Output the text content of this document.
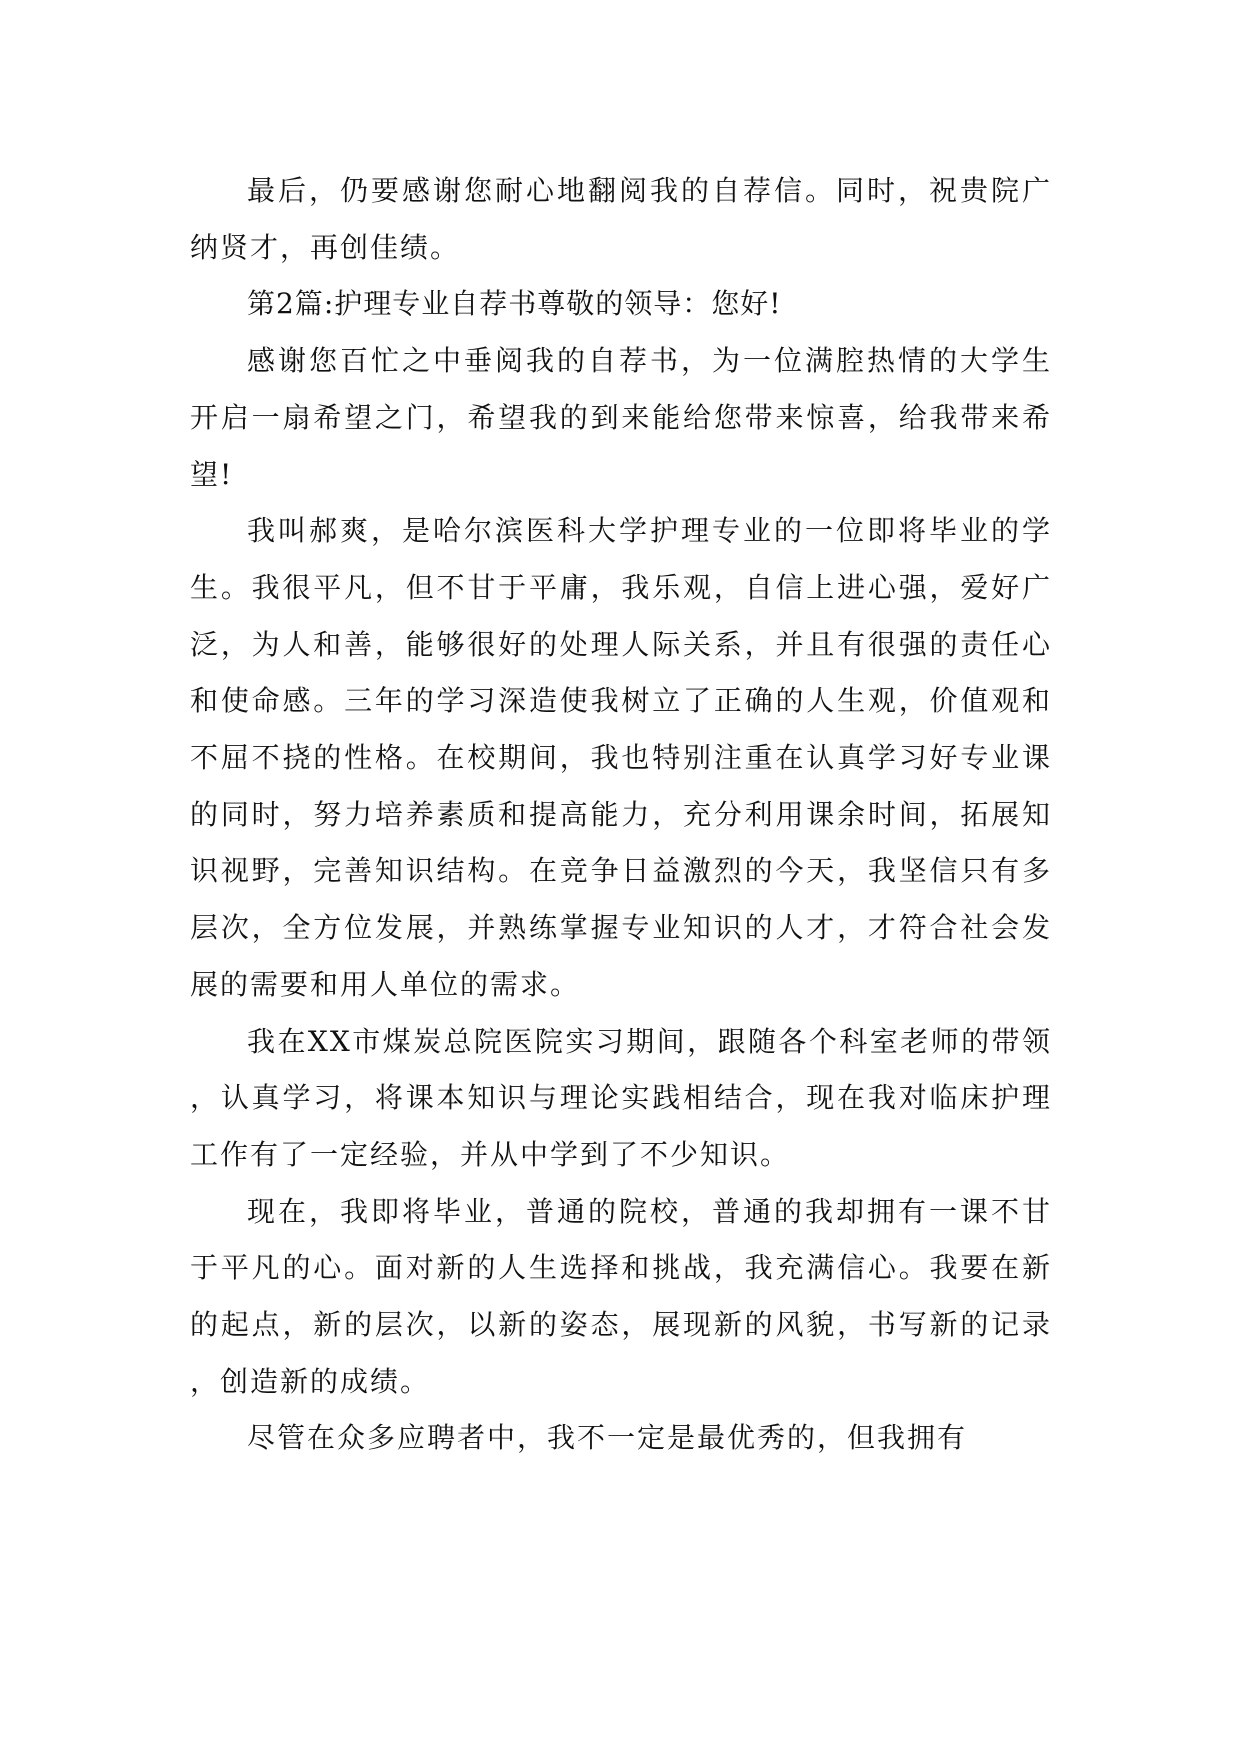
最后，仍要感谢您耐心地翻阅我的自荐信。同时，祝贵院广纳贤才，再创佳绩。

第2篇:护理专业自荐书尊敬的领导：您好!

感谢您百忙之中垂阅我的自荐书，为一位满腔热情的大学生开启一扇希望之门，希望我的到来能给您带来惊喜，给我带来希望!

我叫郝爽，是哈尔滨医科大学护理专业的一位即将毕业的学生。我很平凡，但不甘于平庸，我乐观，自信上进心强，爱好广泛，为人和善，能够很好的处理人际关系，并且有很强的责任心和使命感。三年的学习深造使我树立了正确的人生观，价值观和不屈不挠的性格。在校期间，我也特别注重在认真学习好专业课的同时，努力培养素质和提高能力，充分利用课余时间，拓展知识视野，完善知识结构。在竞争日益激烈的今天，我坚信只有多层次，全方位发展，并熟练掌握专业知识的人才，才符合社会发展的需要和用人单位的需求。

我在XX市煤炭总院医院实习期间，跟随各个科室老师的带领，认真学习，将课本知识与理论实践相结合，现在我对临床护理工作有了一定经验，并从中学到了不少知识。

现在，我即将毕业，普通的院校，普通的我却拥有一课不甘于平凡的心。面对新的人生选择和挑战，我充满信心。我要在新的起点，新的层次，以新的姿态，展现新的风貌，书写新的记录，创造新的成绩。

尽管在众多应聘者中，我不一定是最优秀的，但我拥有
